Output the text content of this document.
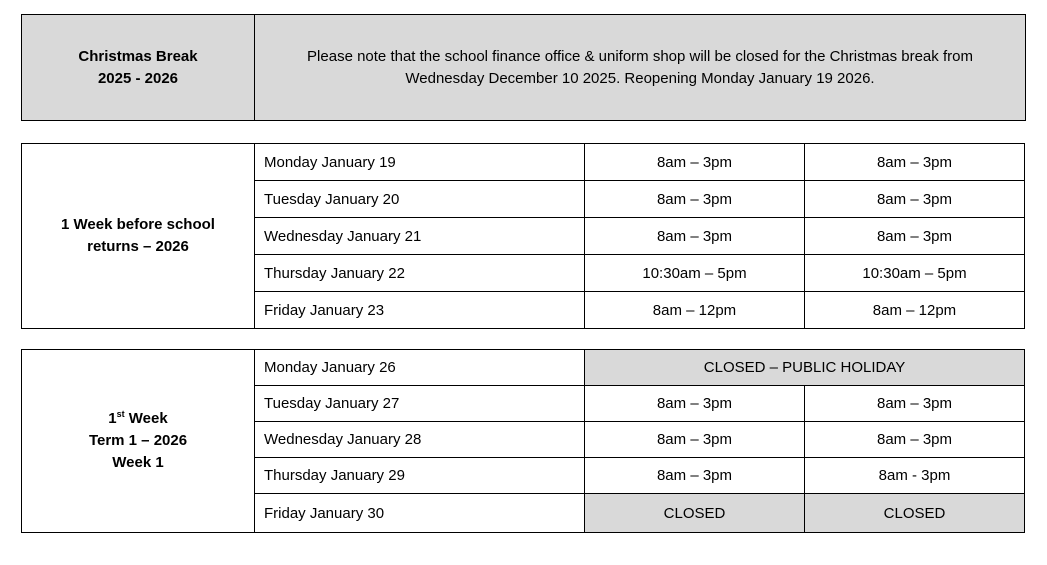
Christmas Break
2025 - 2026

Please note that the school finance office & uniform shop will be closed for the Christmas break from
Wednesday December 10 2025. Reopening Monday January 19 2026.
1 Week before school
returns – 2026	Monday January 19	8am – 3pm	8am – 3pm
	Tuesday January 20	8am – 3pm	8am – 3pm
	Wednesday January 21	8am – 3pm	8am – 3pm
	Thursday January 22	10:30am – 5pm	10:30am – 5pm
	Friday January 23	8am – 12pm	8am – 12pm
1st Week
Term 1 – 2026
Week 1	Monday January 26	CLOSED – PUBLIC HOLIDAY	
	Tuesday January 27	8am – 3pm	8am – 3pm
	Wednesday January 28	8am – 3pm	8am – 3pm
	Thursday January 29	8am – 3pm	8am - 3pm
	Friday January 30	CLOSED	CLOSED
